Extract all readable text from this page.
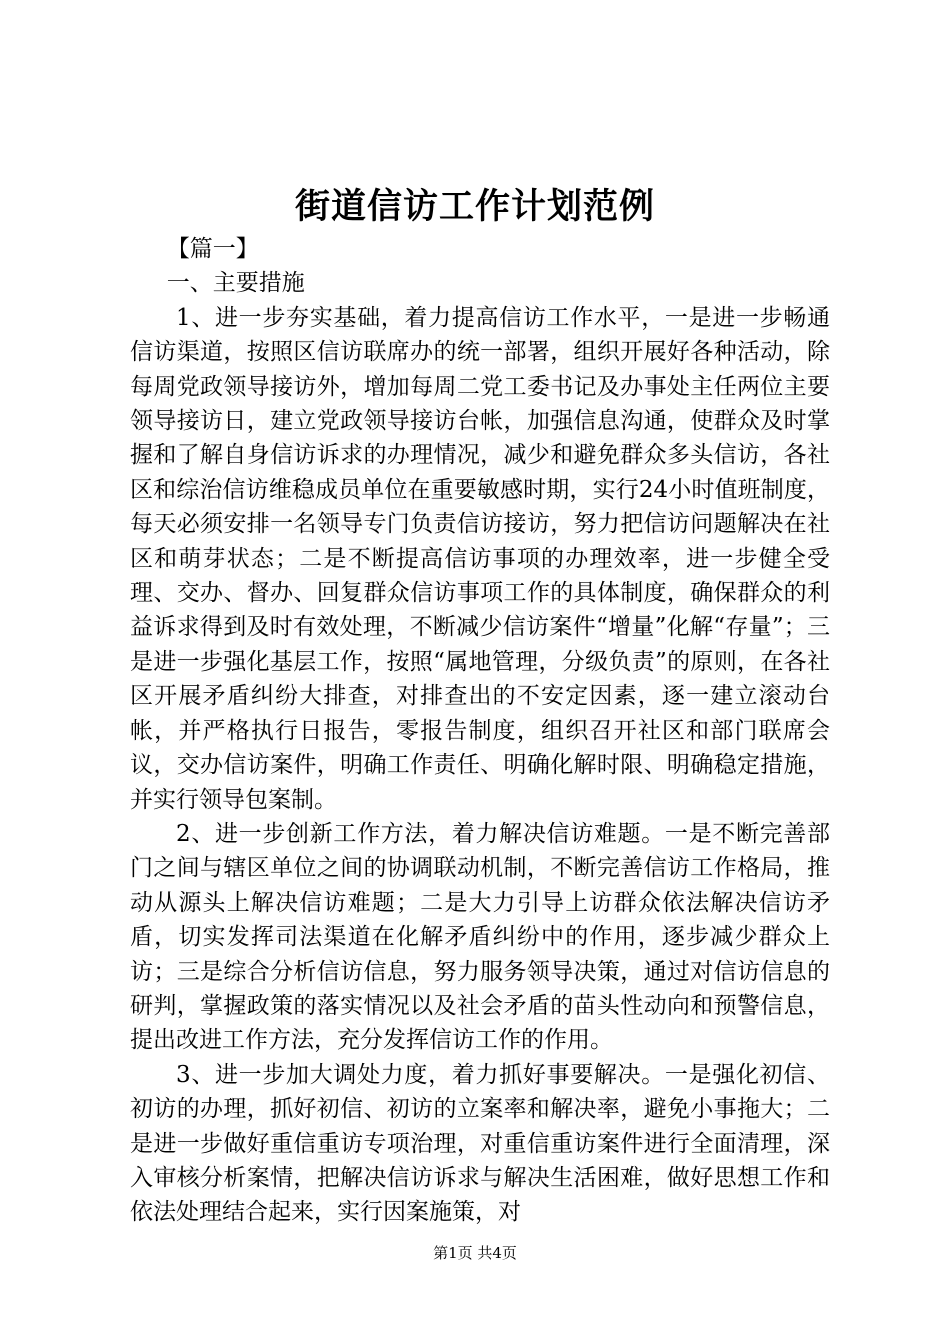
街道信访工作计划范例

【篇一】

一、主要措施

1、进一步夯实基础，着力提高信访工作水平，一是进一步畅通信访渠道，按照区信访联席办的统一部署，组织开展好各种活动，除每周党政领导接访外，增加每周二党工委书记及办事处主任两位主要领导接访日，建立党政领导接访台帐，加强信息沟通，使群众及时掌握和了解自身信访诉求的办理情况，减少和避免群众多头信访，各社区和综治信访维稳成员单位在重要敏感时期，实行24小时值班制度，每天必须安排一名领导专门负责信访接访，努力把信访问题解决在社区和萌芽状态；二是不断提高信访事项的办理效率，进一步健全受理、交办、督办、回复群众信访事项工作的具体制度，确保群众的利益诉求得到及时有效处理，不断减少信访案件“增量”化解“存量”；三是进一步强化基层工作，按照“属地管理，分级负责”的原则，在各社区开展矛盾纠纷大排查，对排查出的不安定因素，逐一建立滚动台帐，并严格执行日报告，零报告制度，组织召开社区和部门联席会议，交办信访案件，明确工作责任、明确化解时限、明确稳定措施，并实行领导包案制。

2、进一步创新工作方法，着力解决信访难题。一是不断完善部门之间与辖区单位之间的协调联动机制，不断完善信访工作格局，推动从源头上解决信访难题；二是大力引导上访群众依法解决信访矛盾，切实发挥司法渠道在化解矛盾纠纷中的作用，逐步减少群众上访；三是综合分析信访信息，努力服务领导决策，通过对信访信息的研判，掌握政策的落实情况以及社会矛盾的苗头性动向和预警信息，提出改进工作方法，充分发挥信访工作的作用。

3、进一步加大调处力度，着力抓好事要解决。一是强化初信、初访的办理，抓好初信、初访的立案率和解决率，避免小事拖大；二是进一步做好重信重访专项治理，对重信重访案件进行全面清理，深入审核分析案情，把解决信访诉求与解决生活困难，做好思想工作和依法处理结合起来，实行因案施策，对

第1页 共4页
